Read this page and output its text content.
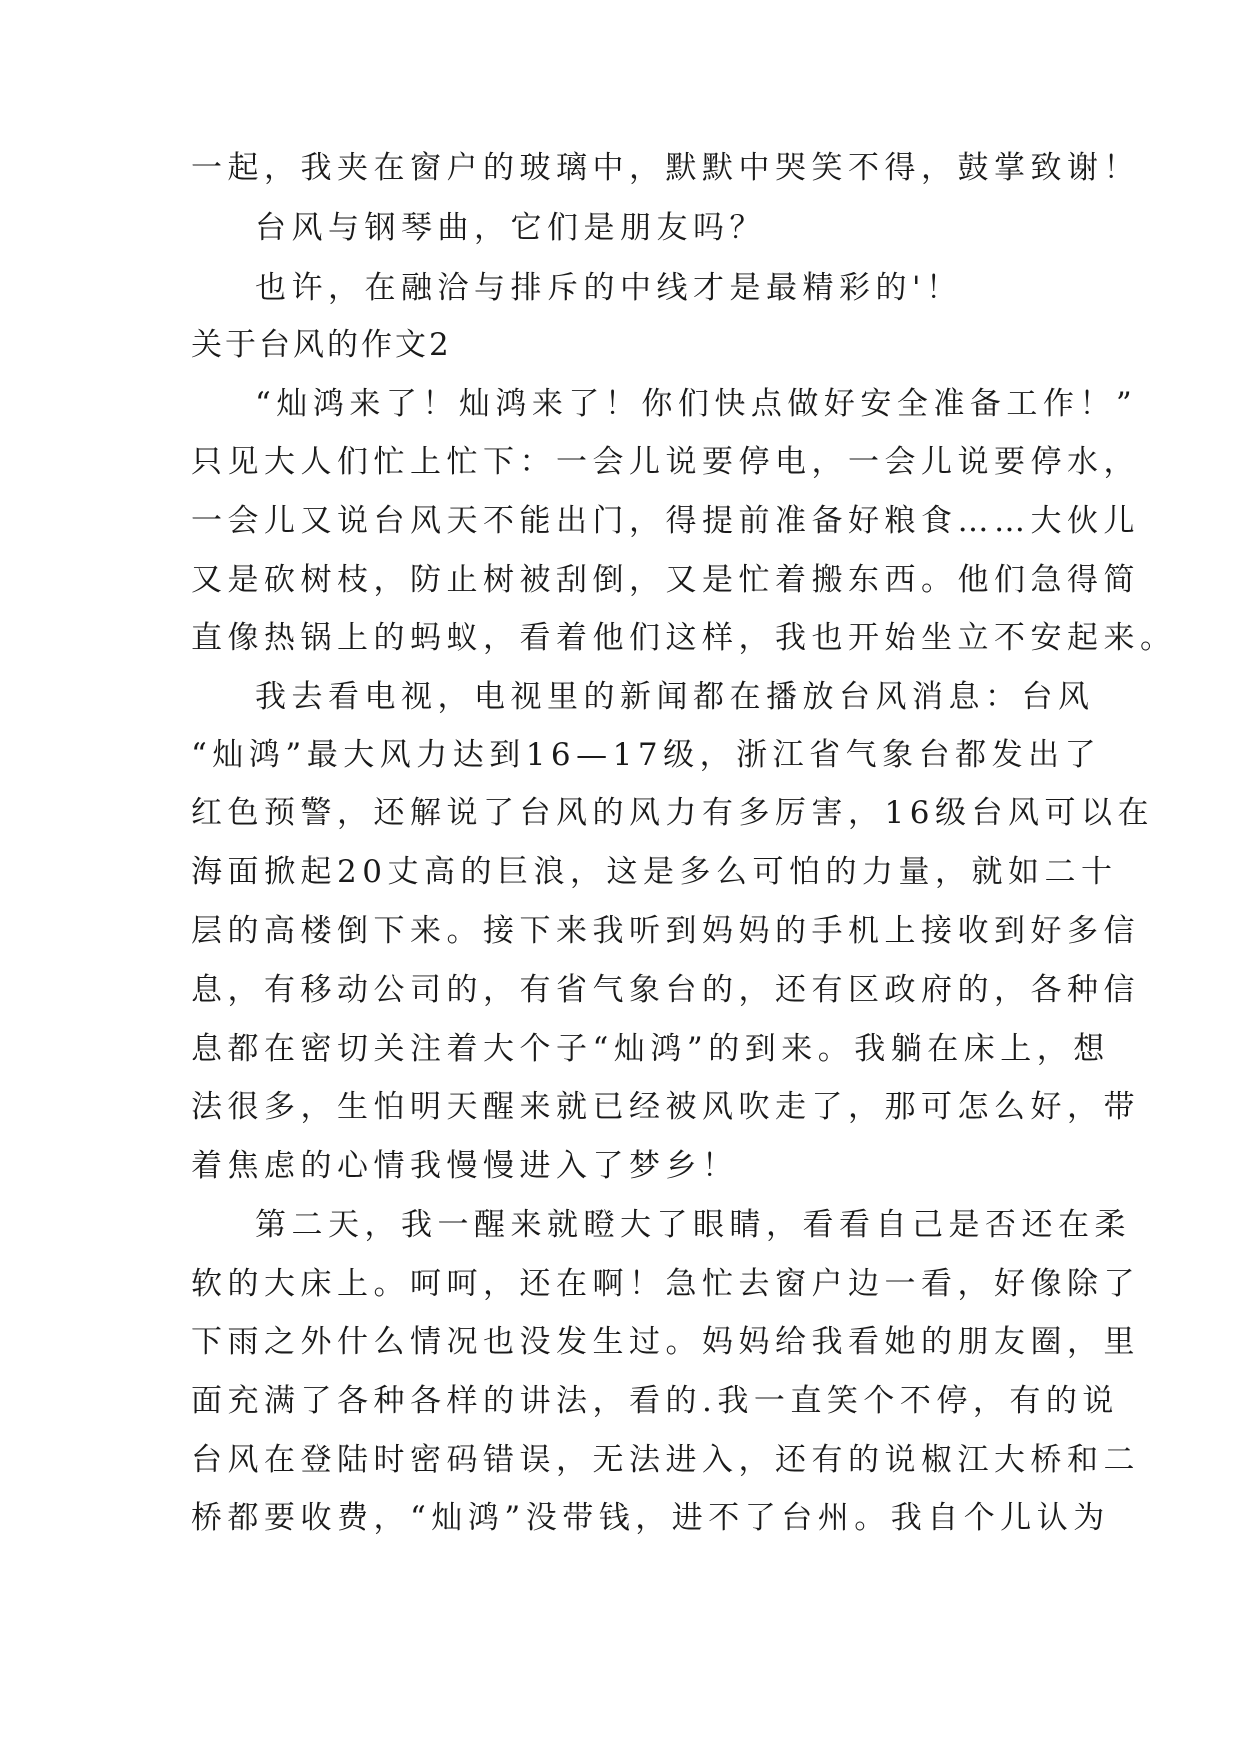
一起，我夹在窗户的玻璃中，默默中哭笑不得，鼓掌致谢！
台风与钢琴曲，它们是朋友吗？
也许，在融洽与排斥的中线才是最精彩的'！
关于台风的作文2
“灿鸿来了！灿鸿来了！你们快点做好安全准备工作！”
只见大人们忙上忙下：一会儿说要停电，一会儿说要停水，
一会儿又说台风天不能出门，得提前准备好粮食……大伙儿
又是砍树枝，防止树被刮倒，又是忙着搬东西。他们急得简
直像热锅上的蚂蚁，看着他们这样，我也开始坐立不安起来。
我去看电视，电视里的新闻都在播放台风消息：台风
“灿鸿”最大风力达到16—17级，浙江省气象台都发出了
红色预警，还解说了台风的风力有多厉害，16级台风可以在
海面掀起20丈高的巨浪，这是多么可怕的力量，就如二十
层的高楼倒下来。接下来我听到妈妈的手机上接收到好多信
息，有移动公司的，有省气象台的，还有区政府的，各种信
息都在密切关注着大个子“灿鸿”的到来。我躺在床上，想
法很多，生怕明天醒来就已经被风吹走了，那可怎么好，带
着焦虑的心情我慢慢进入了梦乡！
第二天，我一醒来就瞪大了眼睛，看看自己是否还在柔
软的大床上。呵呵，还在啊！急忙去窗户边一看，好像除了
下雨之外什么情况也没发生过。妈妈给我看她的朋友圈，里
面充满了各种各样的讲法，看的.我一直笑个不停，有的说
台风在登陆时密码错误，无法进入，还有的说椒江大桥和二
桥都要收费，“灿鸿”没带钱，进不了台州。我自个儿认为
